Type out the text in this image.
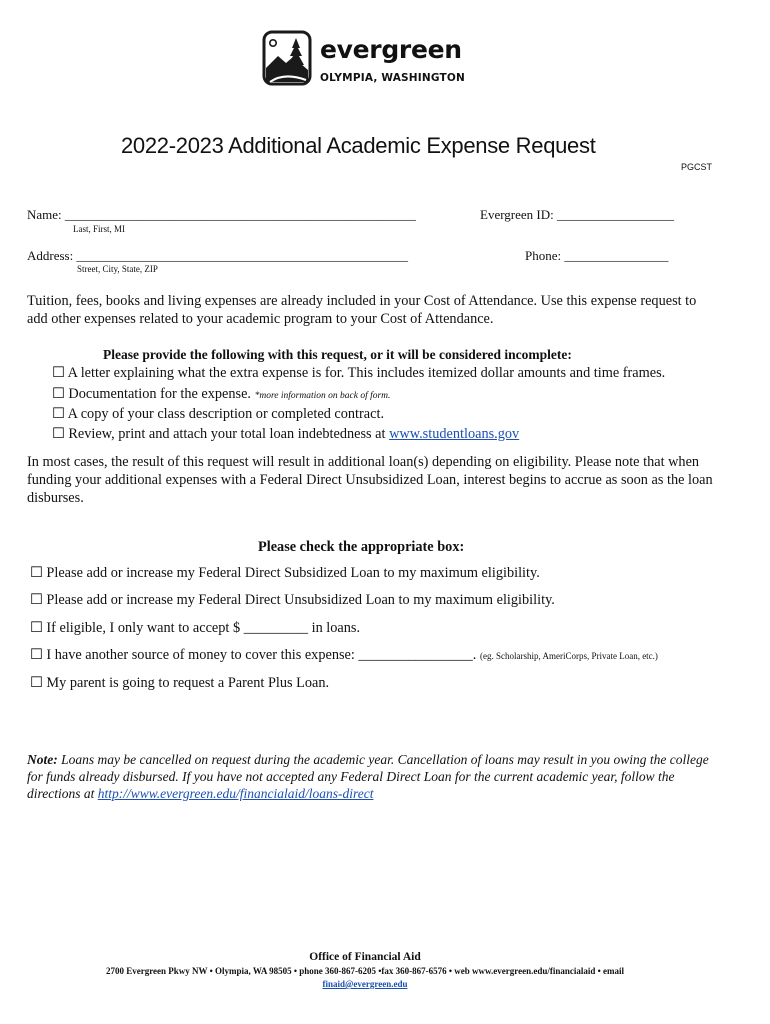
evergreen
OLYMPIA, WASHINGTON
2022-2023 Additional Academic Expense Request
PGCST
Name: ______________________________________________________
Last, First, MI
Evergreen ID: __________________
Address: ___________________________________________________
Street, City, State, ZIP
Phone: ________________
Tuition, fees, books and living expenses are already included in your Cost of Attendance. Use this expense request to add other expenses related to your academic program to your Cost of Attendance.
Please provide the following with this request, or it will be considered incomplete:
☐ A letter explaining what the extra expense is for. This includes itemized dollar amounts and time frames.
☐ Documentation for the expense. *more information on back of form.
☐ A copy of your class description or completed contract.
☐ Review, print and attach your total loan indebtedness at www.studentloans.gov
In most cases, the result of this request will result in additional loan(s) depending on eligibility. Please note that when funding your additional expenses with a Federal Direct Unsubsidized Loan, interest begins to accrue as soon as the loan disburses.
Please check the appropriate box:
☐ Please add or increase my Federal Direct Subsidized Loan to my maximum eligibility.
☐ Please add or increase my Federal Direct Unsubsidized Loan to my maximum eligibility.
☐ If eligible, I only want to accept $ _________ in loans.
☐ I have another source of money to cover this expense: ________________. (eg. Scholarship, AmeriCorps, Private Loan, etc.)
☐ My parent is going to request a Parent Plus Loan.
Note: Loans may be cancelled on request during the academic year. Cancellation of loans may result in you owing the college for funds already disbursed. If you have not accepted any Federal Direct Loan for the current academic year, follow the directions at http://www.evergreen.edu/financialaid/loans-direct
Office of Financial Aid
2700 Evergreen Pkwy NW • Olympia, WA 98505 • phone 360-867-6205 •fax 360-867-6576 • web www.evergreen.edu/financialaid • email
finaid@evergreen.edu
